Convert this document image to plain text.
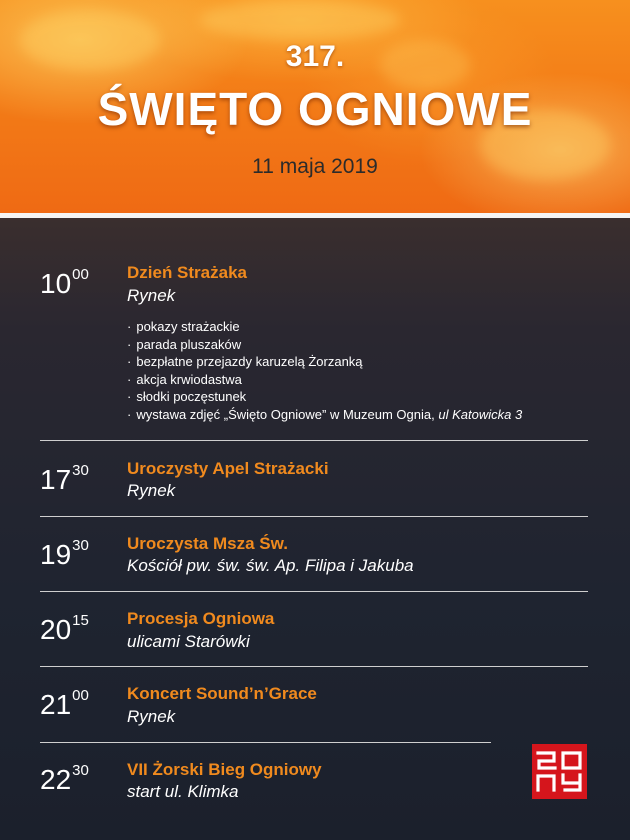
317.
ŚWIĘTO OGNIOWE
11 maja 2019
$10^{00}$ Dzień Strażaka
Rynek
· pokazy strażackie
· parada pluszaków
· bezpłatne przejazdy karuzelą Żorzanką
· akcja krwiodastwa
· słodki poczęstunek
· wystawa zdjęć „Święto Ogniowe” w Muzeum Ognia, ul Katowicka 3
$17^{30}$ Uroczysty Apel Strażacki
Rynek
$19^{30}$ Uroczysta Msza Św.
Kościół pw. św. św. Ap. Filipa i Jakuba
$20^{15}$ Procesja Ogniowa
ulicami Starówki
$21^{00}$ Koncert Sound’n’Grace
Rynek
$22^{30}$ VII Żorski Bieg Ogniowy
start ul. Klimka
